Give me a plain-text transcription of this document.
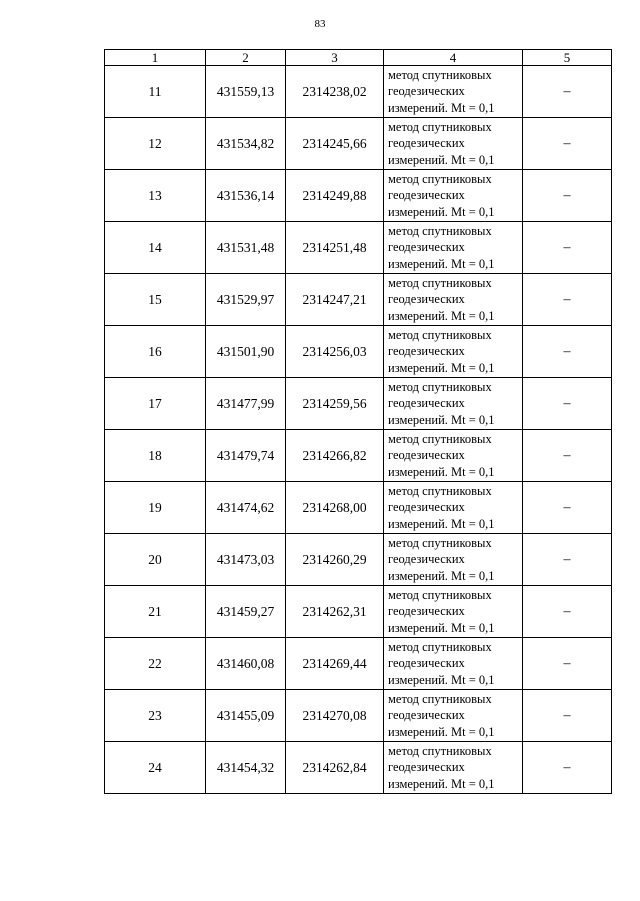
83
1	2	3	4	5
11	431559,13	2314238,02	метод спутниковых
геодезических
измерений. Mt = 0,1	–
12	431534,82	2314245,66	метод спутниковых
геодезических
измерений. Mt = 0,1	–
13	431536,14	2314249,88	метод спутниковых
геодезических
измерений. Mt = 0,1	–
14	431531,48	2314251,48	метод спутниковых
геодезических
измерений. Mt = 0,1	–
15	431529,97	2314247,21	метод спутниковых
геодезических
измерений. Mt = 0,1	–
16	431501,90	2314256,03	метод спутниковых
геодезических
измерений. Mt = 0,1	–
17	431477,99	2314259,56	метод спутниковых
геодезических
измерений. Mt = 0,1	–
18	431479,74	2314266,82	метод спутниковых
геодезических
измерений. Mt = 0,1	–
19	431474,62	2314268,00	метод спутниковых
геодезических
измерений. Mt = 0,1	–
20	431473,03	2314260,29	метод спутниковых
геодезических
измерений. Mt = 0,1	–
21	431459,27	2314262,31	метод спутниковых
геодезических
измерений. Mt = 0,1	–
22	431460,08	2314269,44	метод спутниковых
геодезических
измерений. Mt = 0,1	–
23	431455,09	2314270,08	метод спутниковых
геодезических
измерений. Mt = 0,1	–
24	431454,32	2314262,84	метод спутниковых
геодезических
измерений. Mt = 0,1	–
